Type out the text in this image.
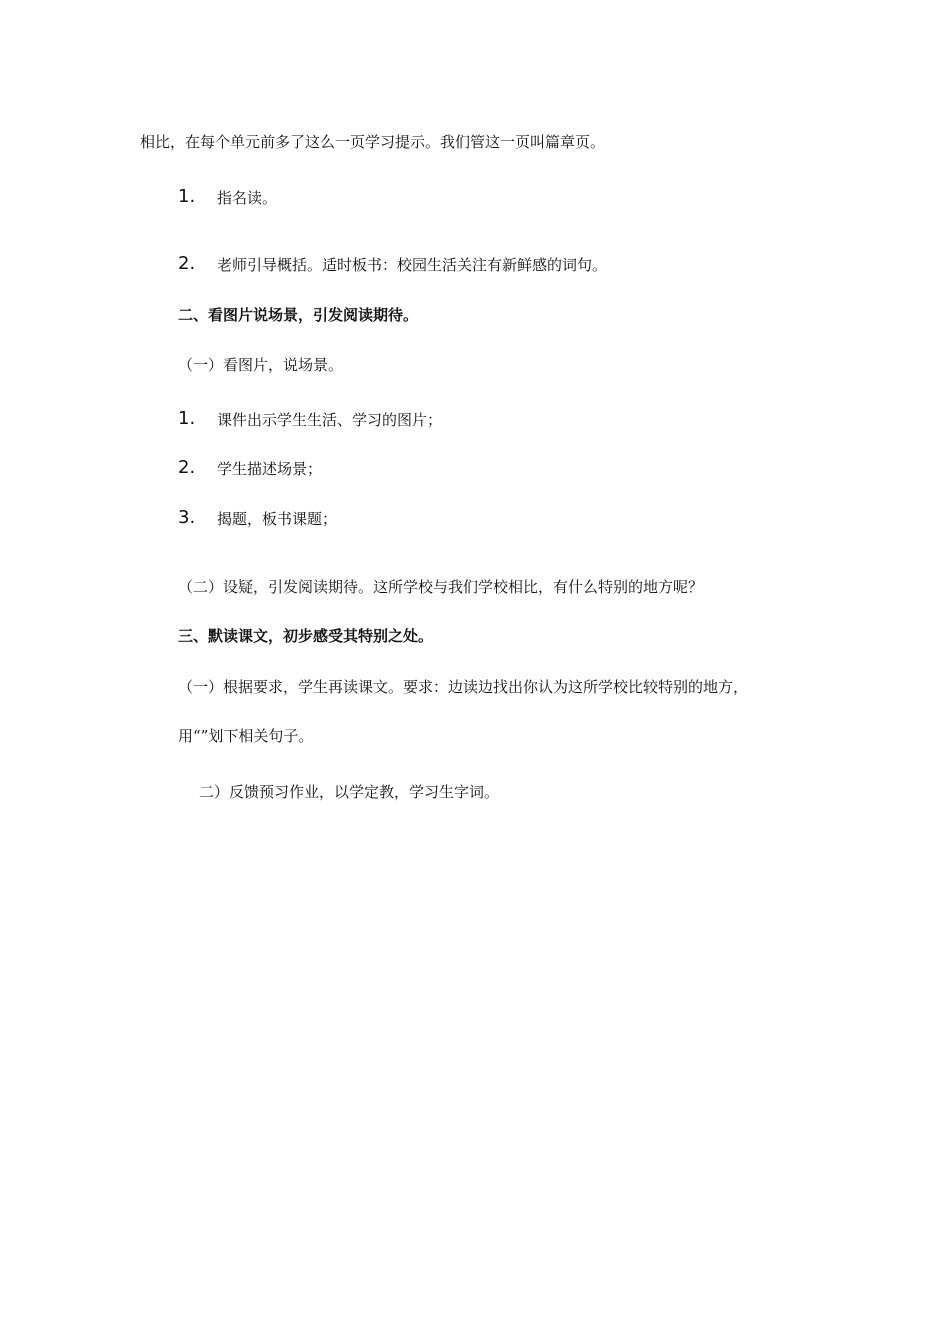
相比，在每个单元前多了这么一页学习提示。我们管这一页叫篇章页。
1. 指名读。
2. 老师引导概括。适时板书：校园生活关注有新鲜感的词句。
二、看图片说场景，引发阅读期待。
（一）看图片，说场景。
1. 课件出示学生生活、学习的图片；
2. 学生描述场景；
3. 揭题，板书课题；
（二）设疑，引发阅读期待。这所学校与我们学校相比，有什么特别的地方呢？
三、默读课文，初步感受其特别之处。
（一）根据要求，学生再读课文。要求：边读边找出你认为这所学校比较特别的地方，
用“”划下相关句子。
二）反馈预习作业，以学定教，学习生字词。
